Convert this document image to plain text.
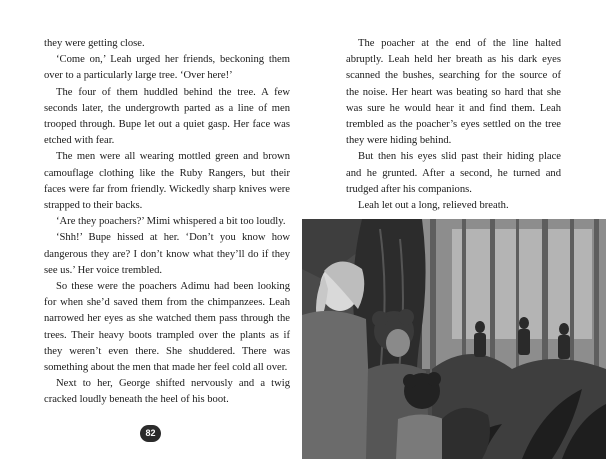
they were getting close.

‘Come on,’ Leah urged her friends, beckoning them over to a particularly large tree. ‘Over here!’

The four of them huddled behind the tree. A few seconds later, the undergrowth parted as a line of men trooped through. Bupe let out a quiet gasp. Her face was etched with fear.

The men were all wearing mottled green and brown camouflage clothing like the Ruby Rangers, but their faces were far from friendly. Wickedly sharp knives were strapped to their backs.

‘Are they poachers?’ Mimi whispered a bit too loudly.

‘Shh!’ Bupe hissed at her. ‘Don’t you know how dangerous they are? I don’t know what they’ll do if they see us.’ Her voice trembled.

So these were the poachers Adimu had been looking for when she’d saved them from the chimpanzees. Leah narrowed her eyes as she watched them pass through the trees. Their heavy boots trampled over the plants as if they weren’t even there. She shuddered. There was something about the men that made her feel cold all over.

Next to her, George shifted nervously and a twig cracked loudly beneath the heel of his boot.

82

The poacher at the end of the line halted abruptly. Leah held her breath as his dark eyes scanned the bushes, searching for the source of the noise. Her heart was beating so hard that she was sure he would hear it and find them. Leah trembled as the poacher’s eyes settled on the tree they were hiding behind.

But then his eyes slid past their hiding place and he grunted. After a second, he turned and trudged after his companions.

Leah let out a long, relieved breath.
